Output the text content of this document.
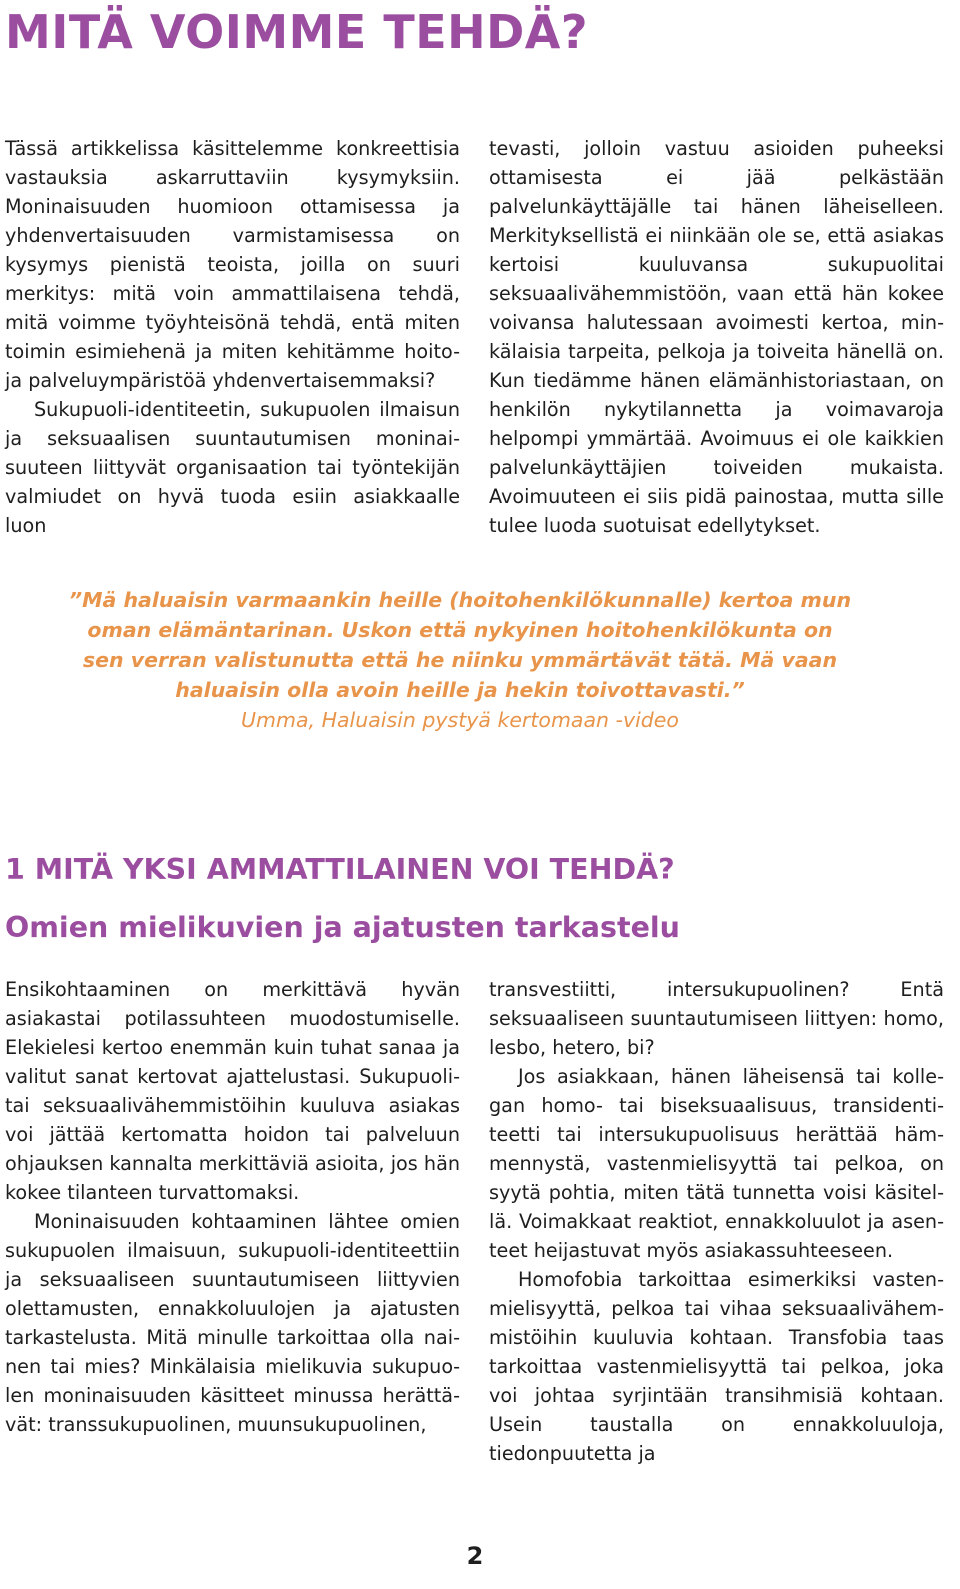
MITÄ VOIMME TEHDÄ?

Tässä artikkelissa käsittelemme konkreettisia vastauksia askarruttaviin kysymyksiin. Moninaisuuden huomioon ottamisessa ja yhdenvertaisuuden varmistamisessa on kysymys pienistä teoista, joilla on suuri merkitys: mitä voin ammattilaisena tehdä, mitä voimme työyhteisönä tehdä, entä miten toimin esimiehenä ja miten kehitämme hoito- ja palveluympäristöä yhdenvertaisemmaksi?

Sukupuoli-identiteetin, sukupuolen ilmaisun ja seksuaalisen suuntautumisen moninaisuuteen liittyvät organisaation tai työntekijän valmiudet on hyvä tuoda esiin asiakkaalle luon

tevasti, jolloin vastuu asioiden puheeksi ottamisesta ei jää pelkästään palvelunkäyttäjälle tai hänen läheiselleen. Merkityksellistä ei niinkään ole se, että asiakas kertoisi kuuluvansa sukupuolitai seksuaalivähemmistöön, vaan että hän kokee voivansa halutessaan avoimesti kertoa, minkälaisia tarpeita, pelkoja ja toiveita hänellä on. Kun tiedämme hänen elämänhistoriastaan, on henkilön nykytilannetta ja voimavaroja helpompi ymmärtää. Avoimuus ei ole kaikkien palvelunkäyttäjien toiveiden mukaista. Avoimuuteen ei siis pidä painostaa, mutta sille tulee luoda suotuisat edellytykset.

”Mä haluaisin varmaankin heille (hoitohenkilökunnalle) kertoa mun

oman elämäntarinan. Uskon että nykyinen hoitohenkilökunta on

sen verran valistunutta että he niinku ymmärtävät tätä. Mä vaan

haluaisin olla avoin heille ja hekin toivottavasti.”

Umma, Haluaisin pystyä kertomaan -video

1 MITÄ YKSI AMMATTILAINEN VOI TEHDÄ?
Omien mielikuvien ja ajatusten tarkastelu

Ensikohtaaminen on merkittävä hyvän asiakastai potilassuhteen muodostumiselle. Elekielesi kertoo enemmän kuin tuhat sanaa ja valitut sanat kertovat ajattelustasi. Sukupuoli- tai seksuaalivähemmistöihin kuuluva asiakas voi jättää kertomatta hoidon tai palveluun ohjauksen kannalta merkittäviä asioita, jos hän kokee tilanteen turvattomaksi.

Moninaisuuden kohtaaminen lähtee omien sukupuolen ilmaisuun, sukupuoli-identiteettiin ja seksuaaliseen suuntautumiseen liittyvien olettamusten, ennakkoluulojen ja ajatusten tarkastelusta. Mitä minulle tarkoittaa olla nainen tai mies? Minkälaisia mielikuvia sukupuolen moninaisuuden käsitteet minussa herättävät: transsukupuolinen, muunsukupuolinen,

transvestiitti, intersukupuolinen? Entä seksuaaliseen suuntautumiseen liittyen: homo, lesbo, hetero, bi?

Jos asiakkaan, hänen läheisensä tai kollegan homo- tai biseksuaalisuus, transidentiteetti tai intersukupuolisuus herättää hämmennystä, vastenmielisyyttä tai pelkoa, on syytä pohtia, miten tätä tunnetta voisi käsitellä. Voimakkaat reaktiot, ennakkoluulot ja asenteet heijastuvat myös asiakassuhteeseen.

Homofobia tarkoittaa esimerkiksi vastenmielisyyttä, pelkoa tai vihaa seksuaalivähemmistöihin kuuluvia kohtaan. Transfobia taas tarkoittaa vastenmielisyyttä tai pelkoa, joka voi johtaa syrjintään transihmisiä kohtaan. Usein taustalla on ennakkoluuloja, tiedonpuutetta ja

2
